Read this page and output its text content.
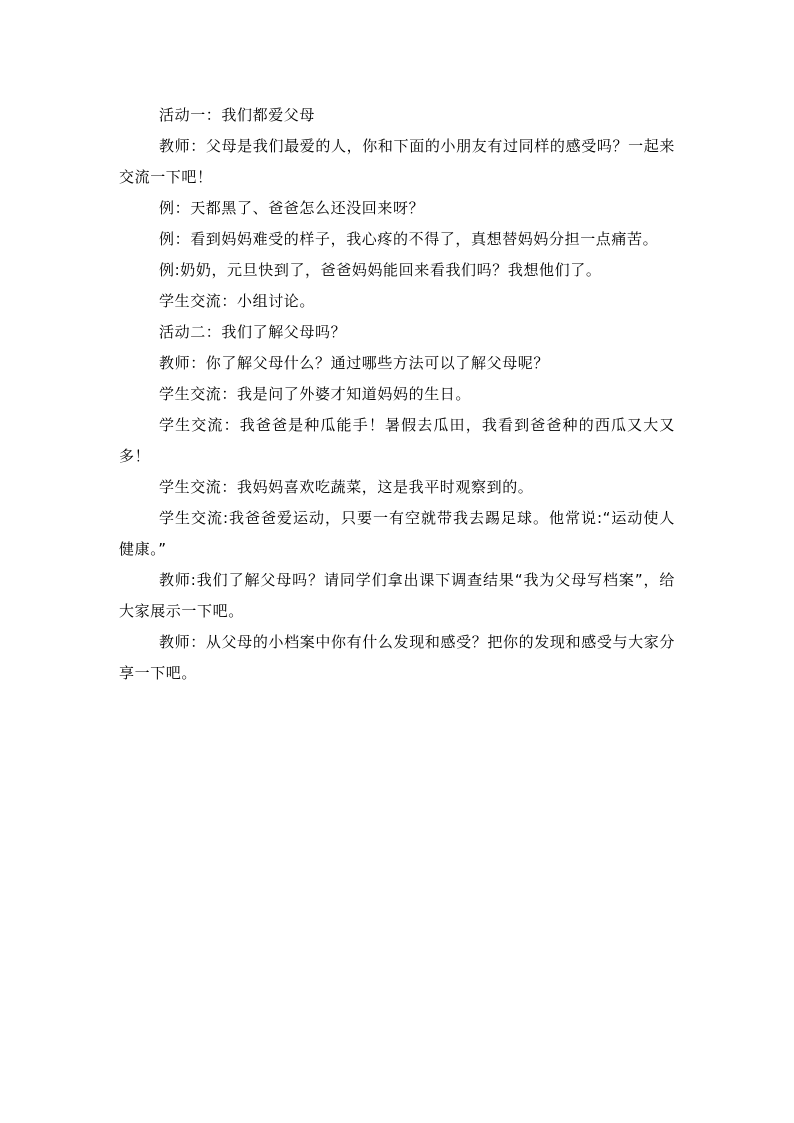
活动一：我们都爱父母

教师：父母是我们最爱的人，你和下面的小朋友有过同样的感受吗？一起来交流一下吧！

例：天都黑了、爸爸怎么还没回来呀？

例：看到妈妈难受的样子，我心疼的不得了，真想替妈妈分担一点痛苦。

例:奶奶，元旦快到了，爸爸妈妈能回来看我们吗？我想他们了。

学生交流：小组讨论。

活动二：我们了解父母吗？

教师：你了解父母什么？通过哪些方法可以了解父母呢？

学生交流：我是问了外婆才知道妈妈的生日。

学生交流：我爸爸是种瓜能手！暑假去瓜田，我看到爸爸种的西瓜又大又多！

学生交流：我妈妈喜欢吃蔬菜，这是我平时观察到的。

学生交流:我爸爸爱运动，只要一有空就带我去踢足球。他常说:“运动使人健康。”

教师:我们了解父母吗？请同学们拿出课下调查结果“我为父母写档案”，给大家展示一下吧。

教师：从父母的小档案中你有什么发现和感受？把你的发现和感受与大家分享一下吧。
